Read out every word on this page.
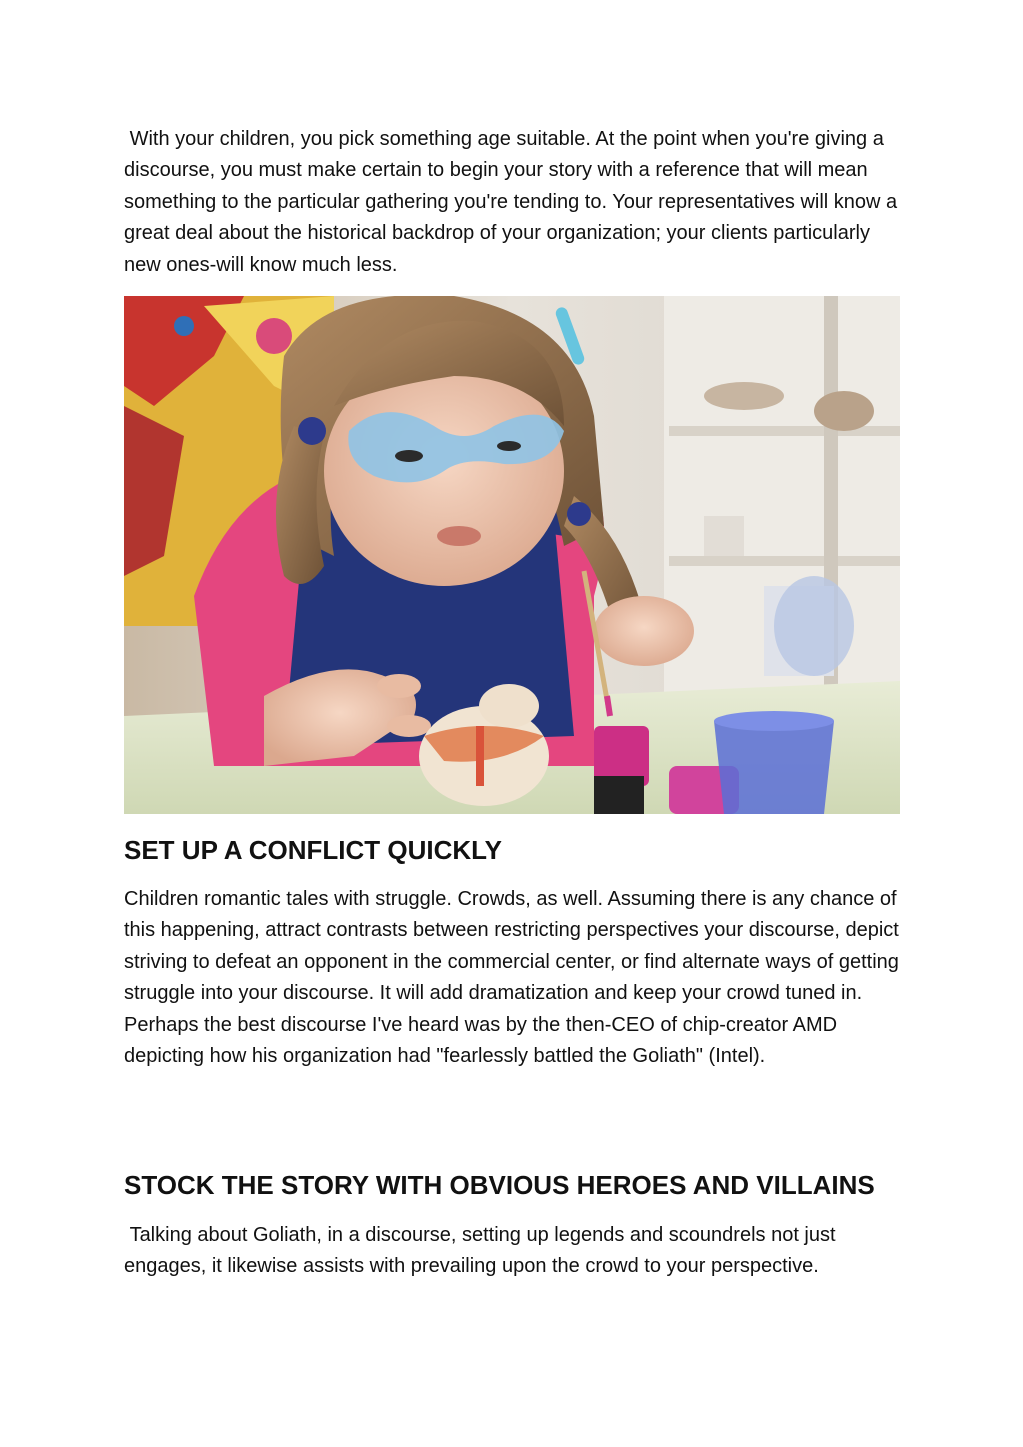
With your children, you pick something age suitable. At the point when you're giving a discourse, you must make certain to begin your story with a reference that will mean something to the particular gathering you're tending to. Your representatives will know a great deal about the historical backdrop of your organization; your clients particularly new ones-will know much less.

SET UP A CONFLICT QUICKLY

Children romantic tales with struggle. Crowds, as well. Assuming there is any chance of this happening, attract contrasts between restricting perspectives your discourse, depict striving to defeat an opponent in the commercial center, or find alternate ways of getting struggle into your discourse. It will add dramatization and keep your crowd tuned in. Perhaps the best discourse I've heard was by the then-CEO of chip-creator AMD depicting how his organization had "fearlessly battled the Goliath" (Intel).

STOCK THE STORY WITH OBVIOUS HEROES AND VILLAINS

Talking about Goliath, in a discourse, setting up legends and scoundrels not just engages, it likewise assists with prevailing upon the crowd to your perspective.
